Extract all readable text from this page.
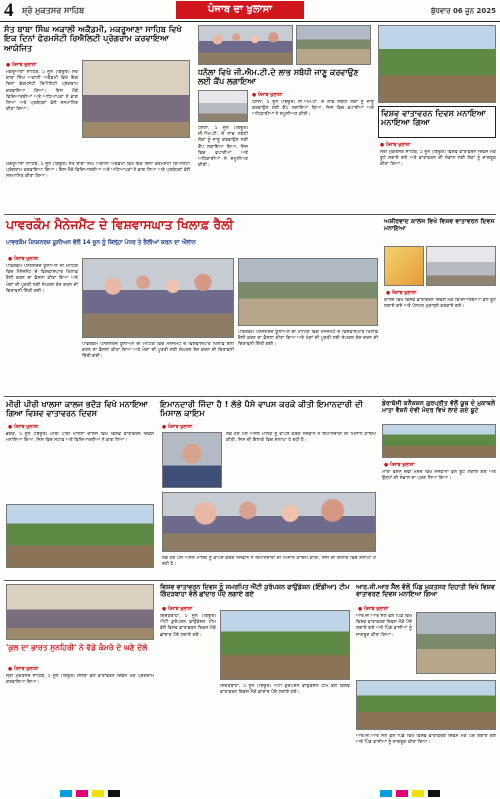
4 ਸ਼੍ਰੋ ਮੁਕਤਸਰ ਸਾਹਿਬ	ਪੰਜਾਬ ਦਾ ਖੁਲਾਸਾ	ਬੁੱਧਵਾਰ 06 ਜੂਨ 2025
ਸੰਤ ਬਾਬਾ ਸਿੰਘ ਅਕਾਲੀ ਅਕੈਡਮੀ, ਮਕਰੂਆਣਾ ਸਾਹਿਬ ਵਿਖੇ ਇਕ ਦਿਨਾਂ ਫੋਰਮਸੋਟੀ ਰਿਐਲਿਟੀ ਪ੍ਰੋਗਰਾਮ ਕਰਵਾਇਆ ਆਯੋਜਿਤ
● ਪੰਜਾਬ ਖੁਲਾਸਾ
ਮਕਰੂਆਣਾ ਸਾਹਿਬ, 5 ਜੂਨ (ਬਿਊਰੋ) ਸੰਤ ਬਾਬਾ ਸਿੰਘ ਅਕਾਲੀ ਅਕੈਡਮੀ ਵਿਖੇ ਇਕ ਦਿਨਾਂ ਫੋਰਮਸੋਟੀ ਰਿਐਲਿਟੀ ਪ੍ਰੋਗਰਾਮ ਕਰਵਾਇਆ ਗਿਆ। ਇਸ ਮੌਕੇ ਵਿਦਿਆਰਥੀਆਂ ਅਤੇ ਅਧਿਆਪਕਾਂ ਨੇ ਭਾਗ ਲਿਆ ਅਤੇ ਪ੍ਰਬੰਧਕਾਂ ਵੱਲੋਂ ਸਨਮਾਨਿਤ ਕੀਤਾ ਗਿਆ।
ਮਕਰੂਆਣਾ ਸਾਹਿਬ, 5 ਜੂਨ (ਬਿਊਰੋ) ਸੰਤ ਬਾਬਾ ਸਿੰਘ ਅਕਾਲੀ ਅਕੈਡਮੀ ਵਿਖੇ ਇਕ ਦਿਨਾਂ ਫੋਰਮਸੋਟੀ ਰਿਐਲਿਟੀ ਪ੍ਰੋਗਰਾਮ ਕਰਵਾਇਆ ਗਿਆ। ਇਸ ਮੌਕੇ ਵਿਦਿਆਰਥੀਆਂ ਅਤੇ ਅਧਿਆਪਕਾਂ ਨੇ ਭਾਗ ਲਿਆ ਅਤੇ ਪ੍ਰਬੰਧਕਾਂ ਵੱਲੋਂ ਸਨਮਾਨਿਤ ਕੀਤਾ ਗਿਆ।
ਧਨੌਲਾ ਵਿਖੇ ਜੀ.ਐਮ.ਟੀ.ਦੇ ਲਾਭ ਸਬੰਧੀ ਜਾਣੂ ਕਰਵਾਉਣ ਲਈ ਕੈਂਪ ਲਗਾਇਆ
● ਪੰਜਾਬ ਖੁਲਾਸਾ
ਧਨੌਲਾ, 5 ਜੂਨ (ਬਿਊਰੋ) ਜੀ.ਐਮ.ਟੀ. ਦੇ ਲਾਭ ਸਬੰਧੀ ਲੋਕਾਂ ਨੂੰ ਜਾਣੂ ਕਰਵਾਉਣ ਲਈ ਕੈਂਪ ਲਗਾਇਆ ਗਿਆ, ਜਿਸ ਵਿਚ ਵਪਾਰੀਆਂ ਅਤੇ ਅਧਿਕਾਰੀਆਂ ਨੇ ਸ਼ਮੂਲੀਅਤ ਕੀਤੀ।
ਧਨੌਲਾ, 5 ਜੂਨ (ਬਿਊਰੋ) ਜੀ.ਐਮ.ਟੀ. ਦੇ ਲਾਭ ਸਬੰਧੀ ਲੋਕਾਂ ਨੂੰ ਜਾਣੂ ਕਰਵਾਉਣ ਲਈ ਕੈਂਪ ਲਗਾਇਆ ਗਿਆ, ਜਿਸ ਵਿਚ ਵਪਾਰੀਆਂ ਅਤੇ ਅਧਿਕਾਰੀਆਂ ਨੇ ਸ਼ਮੂਲੀਅਤ ਕੀਤੀ।
ਵਿਸ਼ਵ ਵਾਤਾਵਰਨ ਦਿਵਸ ਮਨਾਇਆ ਮਨਾਇਆ ਗਿਆ
● ਪੰਜਾਬ ਖੁਲਾਸਾ
ਸ੍ਰੀ ਮੁਕਤਸਰ ਸਾਹਿਬ, 5 ਜੂਨ (ਬਿਊਰੋ) ਵਿਸ਼ਵ ਵਾਤਾਵਰਨ ਦਿਵਸ ਮੌਕੇ ਬੂਟੇ ਲਗਾਏ ਗਏ ਅਤੇ ਵਾਤਾਵਰਨ ਦੀ ਸੰਭਾਲ ਲਈ ਲੋਕਾਂ ਨੂੰ ਜਾਗਰੂਕ ਕੀਤਾ ਗਿਆ।
ਪਾਵਰਕੌਮ ਮੈਨੇਜਮੈਂਟ ਦੇ ਵਿਸ਼ਵਾਸਘਾਤ ਖਿਲਾਫ਼ ਰੈਲੀ
ਪਾਵਰਕੌਮ ਪੈਨਸ਼ਨਰਜ਼ ਯੂਨੀਅਨ ਵੱਲੋਂ 14 ਜੂਨ ਨੂੰ ਜ਼ਿਲ੍ਹਾ ਪੱਧਰ ਤੇ ਰੈਲੀਆਂ ਕਰਨ ਦਾ ਐਲਾਨ
● ਪੰਜਾਬ ਖੁਲਾਸਾ
ਪਾਵਰਕੌਮ ਪੈਨਸ਼ਨਰਜ਼ ਯੂਨੀਅਨ ਦੀ ਮੀਟਿੰਗ ਵਿਚ ਮੈਨੇਜਮੈਂਟ ਦੇ ਵਿਸ਼ਵਾਸਘਾਤ ਖਿਲਾਫ਼ ਰੈਲੀ ਕਰਨ ਦਾ ਫ਼ੈਸਲਾ ਕੀਤਾ ਗਿਆ ਅਤੇ ਮੰਗਾਂ ਦੀ ਪੂਰਤੀ ਲਈ ਸੰਘਰਸ਼ ਤੇਜ਼ ਕਰਨ ਦੀ ਚਿਤਾਵਨੀ ਦਿੱਤੀ ਗਈ।
ਪਾਵਰਕੌਮ ਪੈਨਸ਼ਨਰਜ਼ ਯੂਨੀਅਨ ਦੀ ਮੀਟਿੰਗ ਵਿਚ ਮੈਨੇਜਮੈਂਟ ਦੇ ਵਿਸ਼ਵਾਸਘਾਤ ਖਿਲਾਫ਼ ਰੈਲੀ ਕਰਨ ਦਾ ਫ਼ੈਸਲਾ ਕੀਤਾ ਗਿਆ ਅਤੇ ਮੰਗਾਂ ਦੀ ਪੂਰਤੀ ਲਈ ਸੰਘਰਸ਼ ਤੇਜ਼ ਕਰਨ ਦੀ ਚਿਤਾਵਨੀ ਦਿੱਤੀ ਗਈ।
ਪਾਵਰਕੌਮ ਪੈਨਸ਼ਨਰਜ਼ ਯੂਨੀਅਨ ਦੀ ਮੀਟਿੰਗ ਵਿਚ ਮੈਨੇਜਮੈਂਟ ਦੇ ਵਿਸ਼ਵਾਸਘਾਤ ਖਿਲਾਫ਼ ਰੈਲੀ ਕਰਨ ਦਾ ਫ਼ੈਸਲਾ ਕੀਤਾ ਗਿਆ ਅਤੇ ਮੰਗਾਂ ਦੀ ਪੂਰਤੀ ਲਈ ਸੰਘਰਸ਼ ਤੇਜ਼ ਕਰਨ ਦੀ ਚਿਤਾਵਨੀ ਦਿੱਤੀ ਗਈ।
ਅਸ਼ੀਰਵਾਦ ਕਾਲਜ ਵਿਖੇ ਵਿਸ਼ਵ ਵਾਤਾਵਰਨ ਦਿਵਸ ਮਨਾਇਆ
● ਪੰਜਾਬ ਖੁਲਾਸਾ
ਕਾਲਜ ਵਿਖੇ ਵਿਸ਼ਵ ਵਾਤਾਵਰਨ ਦਿਵਸ ਮੌਕੇ ਵਿਦਿਆਰਥੀਆਂ ਵੱਲੋਂ ਬੂਟੇ ਲਗਾਏ ਗਏ ਅਤੇ ਪੋਸਟਰ ਮੁਕਾਬਲੇ ਕਰਵਾਏ ਗਏ।
ਮੀਰੀ ਪੀਰੀ ਖਾਲਸਾ ਕਾਲਜ ਭਦੌੜ ਵਿਖੇ ਮਨਾਇਆ ਗਿਆ ਵਿਸ਼ਵ ਵਾਤਾਵਰਨ ਦਿਵਸ
● ਪੰਜਾਬ ਖੁਲਾਸਾ
ਭਦੌੜ, 5 ਜੂਨ (ਬਿਊਰੋ) ਮੀਰੀ ਪੀਰੀ ਖਾਲਸਾ ਕਾਲਜ ਵਿਖੇ ਵਿਸ਼ਵ ਵਾਤਾਵਰਨ ਦਿਵਸ ਮਨਾਇਆ ਗਿਆ, ਜਿਸ ਵਿਚ ਸਟਾਫ਼ ਅਤੇ ਵਿਦਿਆਰਥੀਆਂ ਨੇ ਭਾਗ ਲਿਆ।
ਇਮਾਨਦਾਰੀ ਜਿੰਦਾ ਹੈ ! ਲੱਭੇ ਪੈਸੇ ਵਾਪਸ ਕਰਕੇ ਕੀਤੀ ਇਮਾਨਦਾਰੀ ਦੀ ਮਿਸਾਲ ਕਾਇਮ
● ਪੰਜਾਬ ਖੁਲਾਸਾ
ਲੱਭੇ ਹੋਏ ਪੈਸੇ ਅਸਲ ਮਾਲਕ ਨੂੰ ਵਾਪਸ ਕਰਕੇ ਨੌਜਵਾਨ ਨੇ ਇਮਾਨਦਾਰੀ ਦੀ ਮਿਸਾਲ ਕਾਇਮ ਕੀਤੀ, ਜਿਸ ਦੀ ਇਲਾਕੇ ਵਿਚ ਸ਼ਲਾਘਾ ਹੋ ਰਹੀ ਹੈ।
ਲੱਭੇ ਹੋਏ ਪੈਸੇ ਅਸਲ ਮਾਲਕ ਨੂੰ ਵਾਪਸ ਕਰਕੇ ਨੌਜਵਾਨ ਨੇ ਇਮਾਨਦਾਰੀ ਦੀ ਮਿਸਾਲ ਕਾਇਮ ਕੀਤੀ, ਜਿਸ ਦੀ ਇਲਾਕੇ ਵਿਚ ਸ਼ਲਾਘਾ ਹੋ ਰਹੀ ਹੈ।
ਡੇਰਾਬੱਸੀ ਕਨੈਕਸ਼ਨ ਗੁਰਪ੍ਰੀਤ ਵੱਲੋਂ ਯੂਥ ਦੇ ਮੁਕਾਬਲੇ ਮਾਤਾ ਵੈਸ਼ਨੋ ਦੇਵੀ ਮੰਦਰ ਵਿਖੇ ਲਾਏ ਗਏ ਬੂਟੇ
● ਪੰਜਾਬ ਖੁਲਾਸਾ
ਮਾਤਾ ਵੈਸ਼ਨੋ ਦੇਵੀ ਮੰਦਰ ਵਿਖੇ ਨੌਜਵਾਨਾਂ ਵੱਲੋਂ ਬੂਟੇ ਲਗਾਏ ਗਏ ਅਤੇ ਉਨ੍ਹਾਂ ਦੀ ਸੰਭਾਲ ਦਾ ਪ੍ਰਣ ਲਿਆ ਗਿਆ।
'ਕੁਲ ਦਾ ਭਾਰਤ ਸੁਨਹਿਰੀ' ਨੇ ਵੱਡੇ ਕੰਮਰੇ ਦੇ ਘਣੇ ਦੇਲੇ
● ਪੰਜਾਬ ਖੁਲਾਸਾ
ਸ੍ਰੀ ਮੁਕਤਸਰ ਸਾਹਿਬ, 5 ਜੂਨ (ਬਿਊਰੋ) ਸੰਸਥਾ ਵੱਲੋਂ ਵਾਤਾਵਰਨ ਦਿਵਸ ਮੌਕੇ ਪ੍ਰੋਗਰਾਮ ਕਰਵਾਇਆ ਗਿਆ।
ਵਿਸ਼ਵ ਵਾਤਾਵਰਨ ਦਿਵਸ ਨੂੰ ਸਮਰਪਿਤ ਐਂਟੀ ਕੁਰੱਪਸ਼ਨ ਫਾਉਂਡੇਸ਼ਨ (ਇੰਡੀਆ) ਟੀਮ ਗਿੱਦੜਬਾਹਾ ਵੱਲੋਂ ਛਾਂਦਾਰ ਪੌਦੇ ਲਗਾਏ ਗਏ
● ਪੰਜਾਬ ਖੁਲਾਸਾ
ਗਿੱਦੜਬਾਹਾ, 5 ਜੂਨ (ਬਿਊਰੋ) ਐਂਟੀ ਕੁਰੱਪਸ਼ਨ ਫਾਉਂਡੇਸ਼ਨ ਟੀਮ ਵੱਲੋਂ ਵਿਸ਼ਵ ਵਾਤਾਵਰਨ ਦਿਵਸ ਮੌਕੇ ਛਾਂਦਾਰ ਪੌਦੇ ਲਗਾਏ ਗਏ।
ਗਿੱਦੜਬਾਹਾ, 5 ਜੂਨ (ਬਿਊਰੋ) ਐਂਟੀ ਕੁਰੱਪਸ਼ਨ ਫਾਉਂਡੇਸ਼ਨ ਟੀਮ ਵੱਲੋਂ ਵਿਸ਼ਵ ਵਾਤਾਵਰਨ ਦਿਵਸ ਮੌਕੇ ਛਾਂਦਾਰ ਪੌਦੇ ਲਗਾਏ ਗਏ।
ਆਰ.ਜੀ.ਆਰ ਸੈੱਲ ਵੱਲੋਂ ਪਿੰਡ ਮੁਕਤਸਰ ਦਿਹਾਤੀ ਵਿਖੇ ਵਿਸ਼ਵ ਵਾਤਾਵਰਣ ਦਿਵਸ ਮਨਾਇਆ ਗਿਆ
● ਪੰਜਾਬ ਖੁਲਾਸਾ
ਆਰ.ਜੀ.ਆਰ ਸੈੱਲ ਵੱਲੋਂ ਪਿੰਡ ਵਿਖੇ ਵਿਸ਼ਵ ਵਾਤਾਵਰਣ ਦਿਵਸ ਮੌਕੇ ਪੌਦੇ ਲਗਾਏ ਗਏ ਅਤੇ ਪਿੰਡ ਵਾਸੀਆਂ ਨੂੰ ਜਾਗਰੂਕ ਕੀਤਾ ਗਿਆ।
ਆਰ.ਜੀ.ਆਰ ਸੈੱਲ ਵੱਲੋਂ ਪਿੰਡ ਵਿਖੇ ਵਿਸ਼ਵ ਵਾਤਾਵਰਣ ਦਿਵਸ ਮੌਕੇ ਪੌਦੇ ਲਗਾਏ ਗਏ ਅਤੇ ਪਿੰਡ ਵਾਸੀਆਂ ਨੂੰ ਜਾਗਰੂਕ ਕੀਤਾ ਗਿਆ।
